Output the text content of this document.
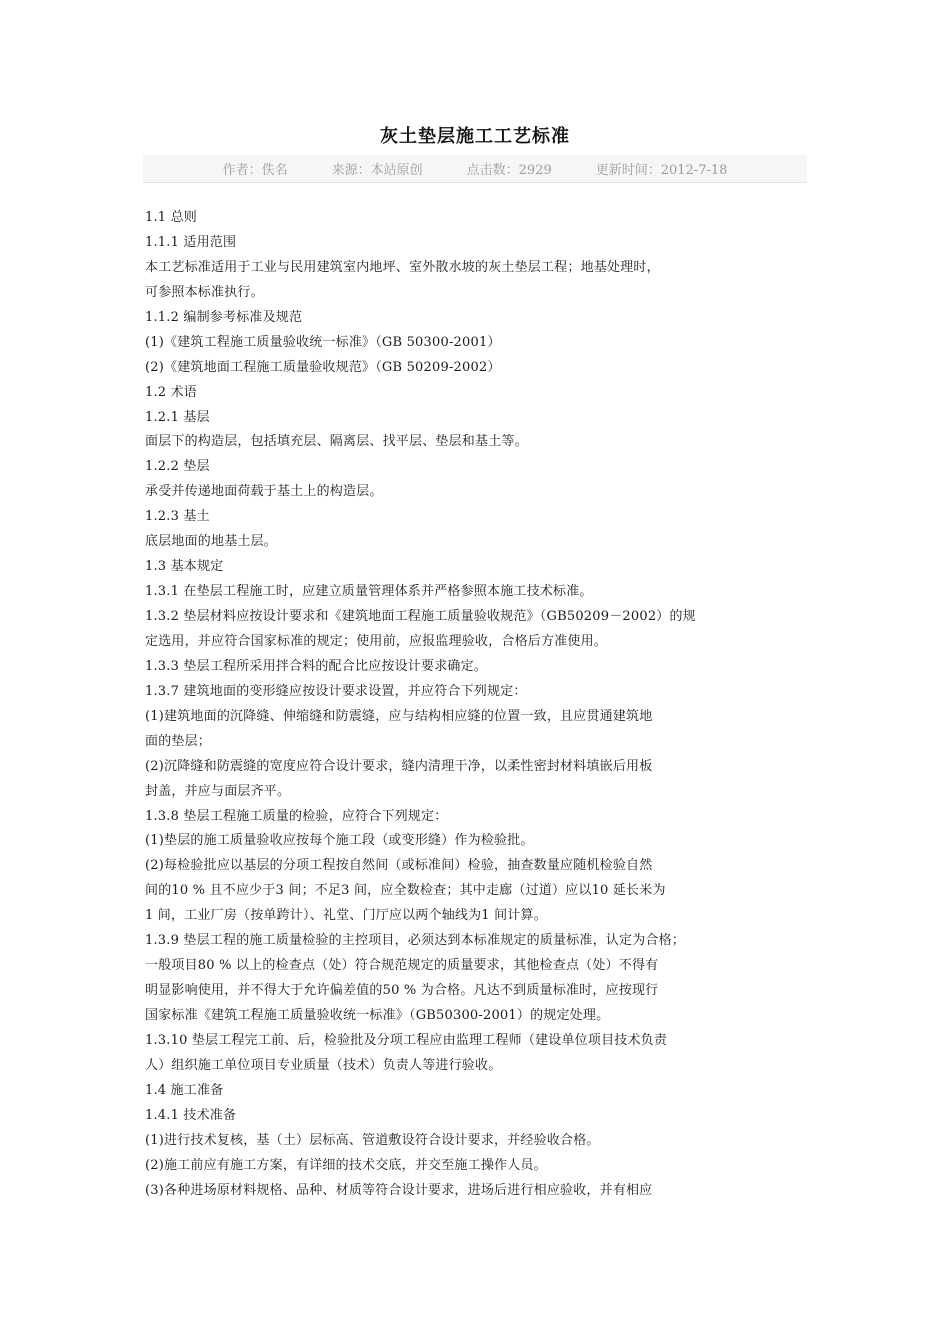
灰土垫层施工工艺标准
作者：佚名	来源：本站原创	点击数：2929	更新时间：2012-7-18
1.1 总则
1.1.1 适用范围
本工艺标准适用于工业与民用建筑室内地坪、室外散水坡的灰土垫层工程；地基处理时，
可参照本标准执行。
1.1.2 编制参考标准及规范
(1)《建筑工程施工质量验收统一标准》（GB 50300-2001）
(2)《建筑地面工程施工质量验收规范》（GB 50209-2002）
1.2 术语
1.2.1 基层
面层下的构造层，包括填充层、隔离层、找平层、垫层和基土等。
1.2.2 垫层
承受并传递地面荷载于基土上的构造层。
1.2.3 基土
底层地面的地基土层。
1.3 基本规定
1.3.1 在垫层工程施工时，应建立质量管理体系并严格参照本施工技术标准。
1.3.2 垫层材料应按设计要求和《建筑地面工程施工质量验收规范》（GB50209－2002）的规
定选用，并应符合国家标准的规定；使用前，应报监理验收，合格后方准使用。
1.3.3 垫层工程所采用拌合料的配合比应按设计要求确定。
1.3.7 建筑地面的变形缝应按设计要求设置，并应符合下列规定：
(1)建筑地面的沉降缝、伸缩缝和防震缝，应与结构相应缝的位置一致，且应贯通建筑地
面的垫层；
(2)沉降缝和防震缝的宽度应符合设计要求，缝内清理干净，以柔性密封材料填嵌后用板
封盖，并应与面层齐平。
1.3.8 垫层工程施工质量的检验，应符合下列规定：
(1)垫层的施工质量验收应按每个施工段（或变形缝）作为检验批。
(2)每检验批应以基层的分项工程按自然间（或标准间）检验，抽查数量应随机检验自然
间的10 % 且不应少于3 间；不足3 间，应全数检查；其中走廊（过道）应以10 延长米为
1 间，工业厂房（按单跨计）、礼堂、门厅应以两个轴线为1 间计算。
1.3.9 垫层工程的施工质量检验的主控项目，必须达到本标准规定的质量标准，认定为合格；
一般项目80 % 以上的检查点（处）符合规范规定的质量要求，其他检查点（处）不得有
明显影响使用，并不得大于允许偏差值的50 % 为合格。凡达不到质量标准时，应按现行
国家标准《建筑工程施工质量验收统一标准》（GB50300-2001）的规定处理。
1.3.10 垫层工程完工前、后，检验批及分项工程应由监理工程师（建设单位项目技术负责
人）组织施工单位项目专业质量（技术）负责人等进行验收。
1.4 施工准备
1.4.1 技术准备
(1)进行技术复核，基（土）层标高、管道敷设符合设计要求，并经验收合格。
(2)施工前应有施工方案，有详细的技术交底，并交至施工操作人员。
(3)各种进场原材料规格、品种、材质等符合设计要求，进场后进行相应验收，并有相应
